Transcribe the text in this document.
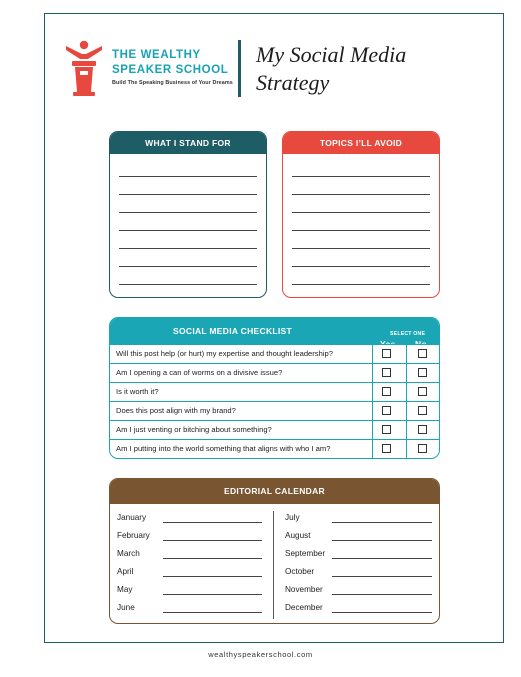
THE WEALTHY
SPEAKER SCHOOL
Build The Speaking Business of Your Dreams
My Social Media
Strategy
WHAT I STAND FOR	TOPICS I’LL AVOID
SOCIAL MEDIA CHECKLIST	SELECT ONE
Yes No
Will this post help (or hurt) my expertise and thought leadership?
Am I opening a can of worms on a divisive issue?
Is it worth it?
Does this post align with my brand?
Am I just venting or bitching about something?
Am I putting into the world something that aligns with who I am?
EDITORIAL CALENDAR
January
February
March
April
May
June
July
August
September
October
November
December
wealthyspeakerschool.com
